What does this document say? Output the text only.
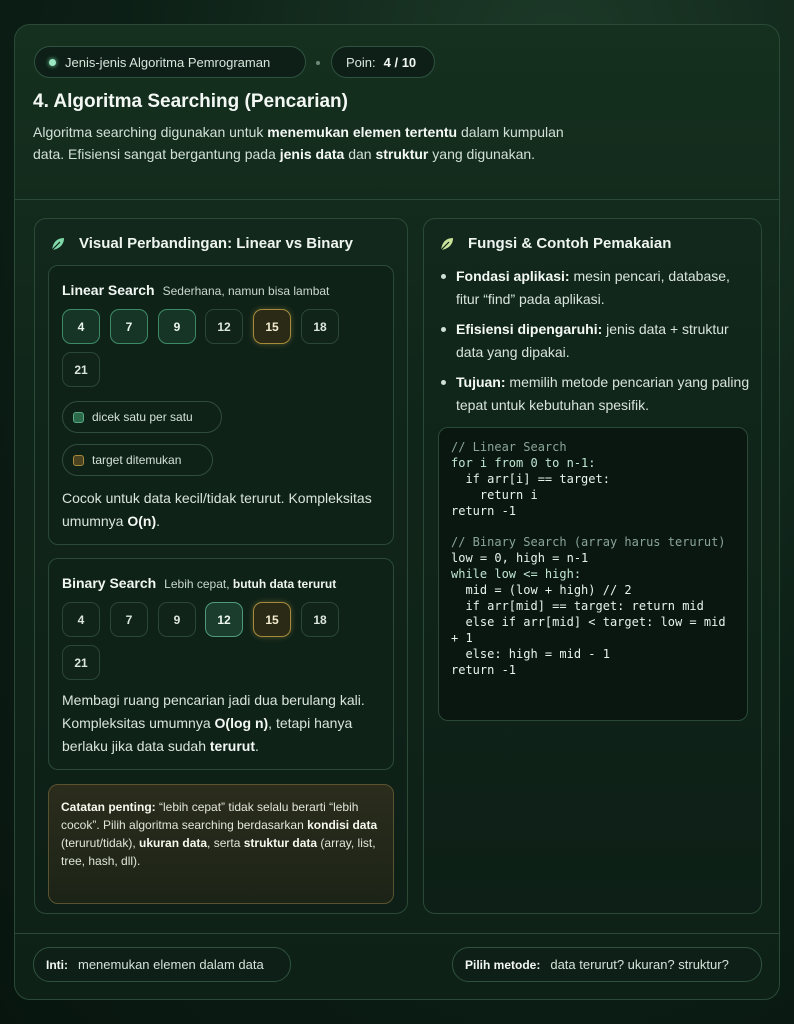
Jenis-jenis Algoritma Pemrograman	Poin: 4 / 10
4. Algoritma Searching (Pencarian)

Algoritma searching digunakan untuk menemukan elemen tertentu dalam kumpulan data. Efisiensi sangat bergantung pada jenis data dan struktur yang digunakan.

Visual Perbandingan: Linear vs Binary
Linear Search Sederhana, namun bisa lambat
4	7	9	12	15	18
21
dicek satu per satu
target ditemukan

Cocok untuk data kecil/tidak terurut. Kompleksitas umumnya O(n).

Binary Search Lebih cepat, butuh data terurut
4	7	9	12	15	18
21

Membagi ruang pencarian jadi dua berulang kali. Kompleksitas umumnya O(log n), tetapi hanya berlaku jika data sudah terurut.

Catatan penting: “lebih cepat” tidak selalu berarti “lebih cocok”. Pilih algoritma searching berdasarkan kondisi data (terurut/tidak), ukuran data, serta struktur data (array, list, tree, hash, dll).
Fungsi & Contoh Pemakaian
Fondasi aplikasi: mesin pencari, database, fitur “find” pada aplikasi.
Efisiensi dipengaruhi: jenis data + struktur data yang dipakai.
Tujuan: memilih metode pencarian yang paling tepat untuk kebutuhan spesifik.
// Linear Search
for i from 0 to n-1:
if arr[i] == target:
return i
return -1

// Binary Search (array harus terurut)
low = 0, high = n-1
while low <= high:
mid = (low + high) // 2
if arr[mid] == target: return mid
else if arr[mid] < target: low = mid + 1
else: high = mid - 1
return -1
Inti: menemukan elemen dalam data	Pilih metode: data terurut? ukuran? struktur?
